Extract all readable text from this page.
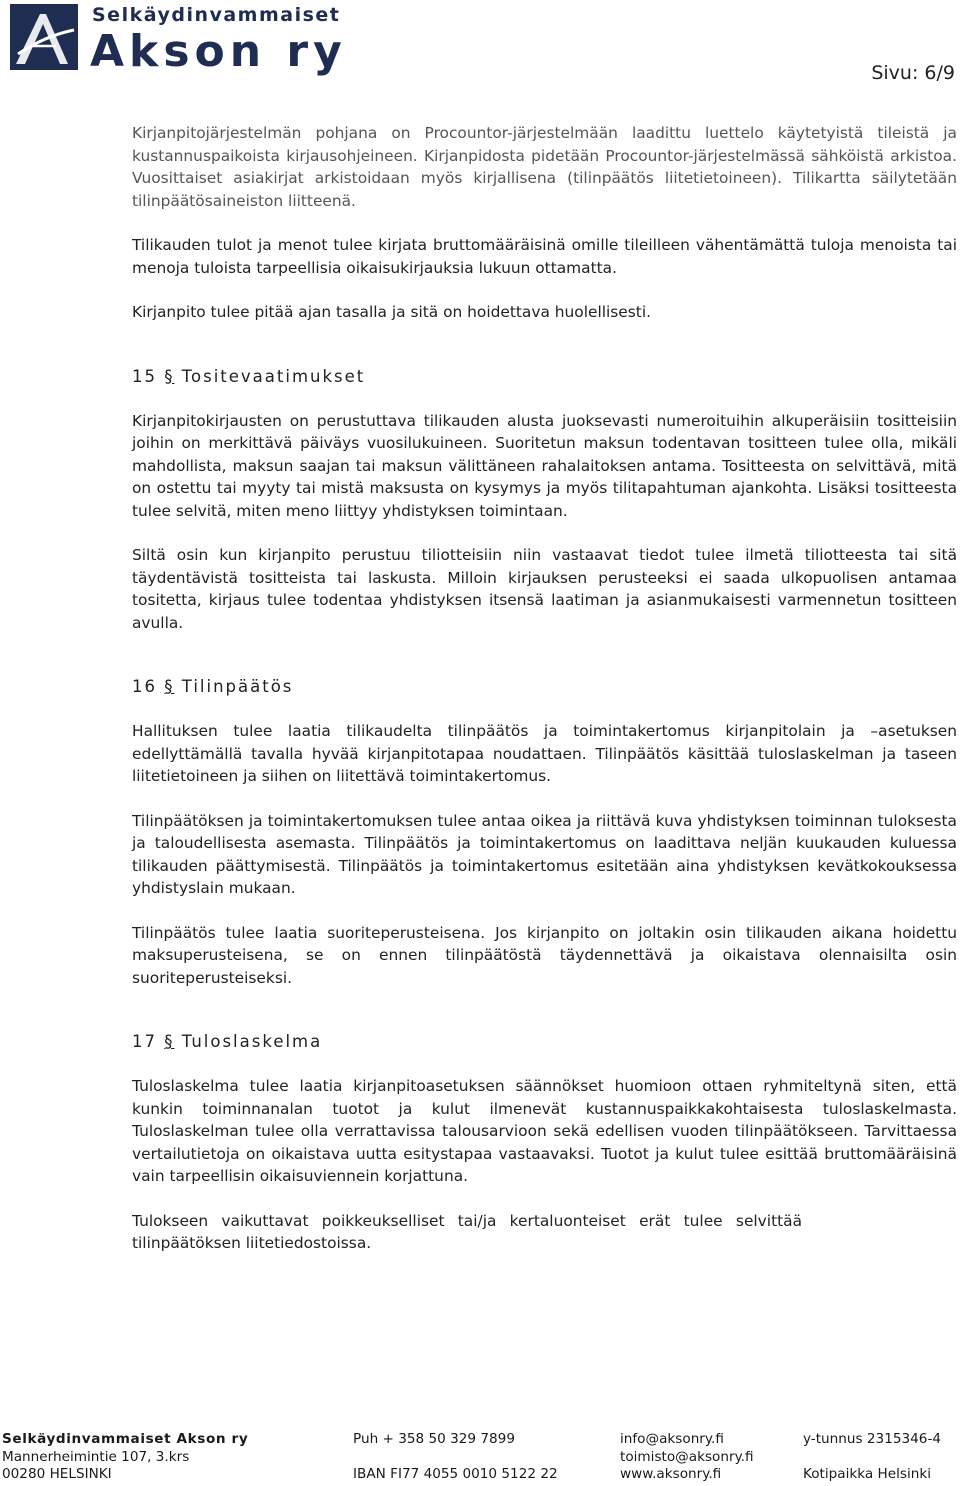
Selkäydinvammaiset
Akson ry	Sivu: 6/9

Kirjanpitojärjestelmän pohjana on Procountor-järjestelmään laadittu luettelo käytetyistä tileistä ja kustannuspaikoista kirjausohjeineen. Kirjanpidosta pidetään Procountor-järjestelmässä sähköistä arkistoa. Vuosittaiset asiakirjat arkistoidaan myös kirjallisena (tilinpäätös liitetietoineen). Tilikartta säilytetään tilinpäätösaineiston liitteenä.

Tilikauden tulot ja menot tulee kirjata bruttomääräisinä omille tileilleen vähentämättä tuloja menoista tai menoja tuloista tarpeellisia oikaisukirjauksia lukuun ottamatta.

Kirjanpito tulee pitää ajan tasalla ja sitä on hoidettava huolellisesti.

15 § Tositevaatimukset

Kirjanpitokirjausten on perustuttava tilikauden alusta juoksevasti numeroituihin alkuperäisiin tositteisiin joihin on merkittävä päiväys vuosilukuineen. Suoritetun maksun todentavan tositteen tulee olla, mikäli mahdollista, maksun saajan tai maksun välittäneen rahalaitoksen antama. Tositteesta on selvittävä, mitä on ostettu tai myyty tai mistä maksusta on kysymys ja myös tilitapahtuman ajankohta. Lisäksi tositteesta tulee selvitä, miten meno liittyy yhdistyksen toimintaan.

Siltä osin kun kirjanpito perustuu tiliotteisiin niin vastaavat tiedot tulee ilmetä tiliotteesta tai sitä täydentävistä tositteista tai laskusta. Milloin kirjauksen perusteeksi ei saada ulkopuolisen antamaa tositetta, kirjaus tulee todentaa yhdistyksen itsensä laatiman ja asianmukaisesti varmennetun tositteen avulla.

16 § Tilinpäätös

Hallituksen tulee laatia tilikaudelta tilinpäätös ja toimintakertomus kirjanpitolain ja –asetuksen edellyttämällä tavalla hyvää kirjanpitotapaa noudattaen. Tilinpäätös käsittää tuloslaskelman ja taseen liitetietoineen ja siihen on liitettävä toimintakertomus.

Tilinpäätöksen ja toimintakertomuksen tulee antaa oikea ja riittävä kuva yhdistyksen toiminnan tuloksesta ja taloudellisesta asemasta. Tilinpäätös ja toimintakertomus on laadittava neljän kuukauden kuluessa tilikauden päättymisestä. Tilinpäätös ja toimintakertomus esitetään aina yhdistyksen kevätkokouksessa yhdistyslain mukaan.

Tilinpäätös tulee laatia suoriteperusteisena. Jos kirjanpito on joltakin osin tilikauden aikana hoidettu maksuperusteisena, se on ennen tilinpäätöstä täydennettävä ja oikaistava olennaisilta osin suoriteperusteiseksi.

17 § Tuloslaskelma

Tuloslaskelma tulee laatia kirjanpitoasetuksen säännökset huomioon ottaen ryhmiteltynä siten, että kunkin toiminnanalan tuotot ja kulut ilmenevät kustannuspaikkakohtaisesta tuloslaskelmasta. Tuloslaskelman tulee olla verrattavissa talousarvioon sekä edellisen vuoden tilinpäätökseen. Tarvittaessa vertailutietoja on oikaistava uutta esitystapaa vastaavaksi. Tuotot ja kulut tulee esittää bruttomääräisinä vain tarpeellisin oikaisuviennein korjattuna.

Tulokseen vaikuttavat poikkeukselliset tai/ja kertaluonteiset erät tulee selvittää tilinpäätöksen liitetiedostoissa.

Selkäydinvammaiset Akson ry
Mannerheimintie 107, 3.krs
00280 HELSINKI
Puh + 358 50 329 7899

IBAN FI77 4055 0010 5122 22
info@aksonry.fi
toimisto@aksonry.fi
www.aksonry.fi
y-tunnus 2315346-4

Kotipaikka Helsinki
